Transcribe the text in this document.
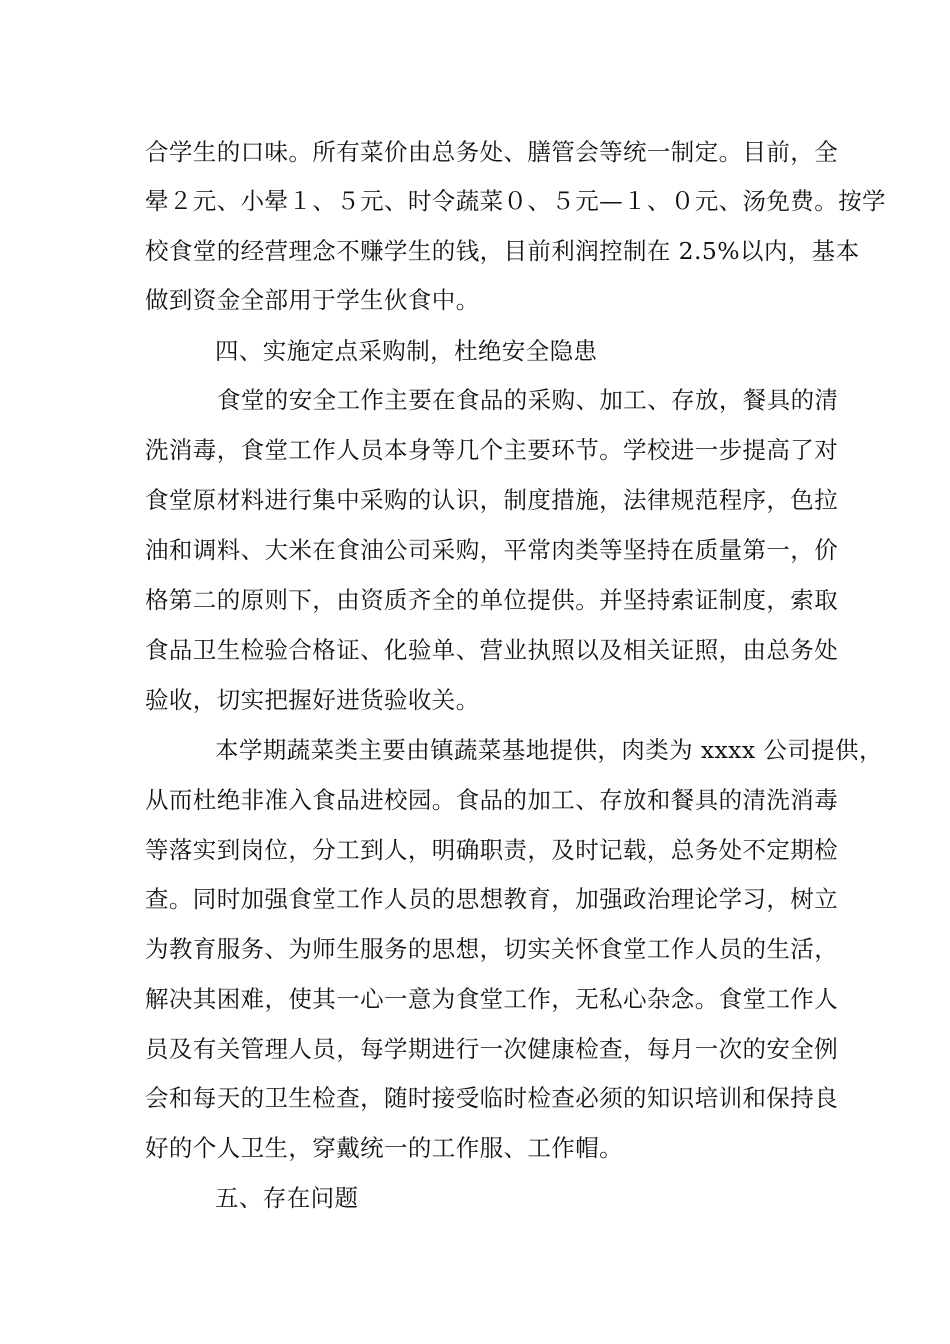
合学生的口味。所有菜价由总务处、膳管会等统一制定。目前，全
晕２元、小晕１、５元、时令蔬菜０、５元—１、０元、汤免费。按学
校食堂的经营理念不赚学生的钱，目前利润控制在 2.5%以内，基本
做到资金全部用于学生伙食中。
四、实施定点采购制，杜绝安全隐患
食堂的安全工作主要在食品的采购、加工、存放，餐具的清
洗消毒，食堂工作人员本身等几个主要环节。学校进一步提高了对
食堂原材料进行集中采购的认识，制度措施，法律规范程序，色拉
油和调料、大米在食油公司采购，平常肉类等坚持在质量第一，价
格第二的原则下，由资质齐全的单位提供。并坚持索证制度，索取
食品卫生检验合格证、化验单、营业执照以及相关证照，由总务处
验收，切实把握好进货验收关。
本学期蔬菜类主要由镇蔬菜基地提供，肉类为 xxxx 公司提供，
从而杜绝非准入食品进校园。食品的加工、存放和餐具的清洗消毒
等落实到岗位，分工到人，明确职责，及时记载，总务处不定期检
查。同时加强食堂工作人员的思想教育，加强政治理论学习，树立
为教育服务、为师生服务的思想，切实关怀食堂工作人员的生活，
解决其困难，使其一心一意为食堂工作，无私心杂念。食堂工作人
员及有关管理人员，每学期进行一次健康检查，每月一次的安全例
会和每天的卫生检查，随时接受临时检查必须的知识培训和保持良
好的个人卫生，穿戴统一的工作服、工作帽。
五、存在问题
